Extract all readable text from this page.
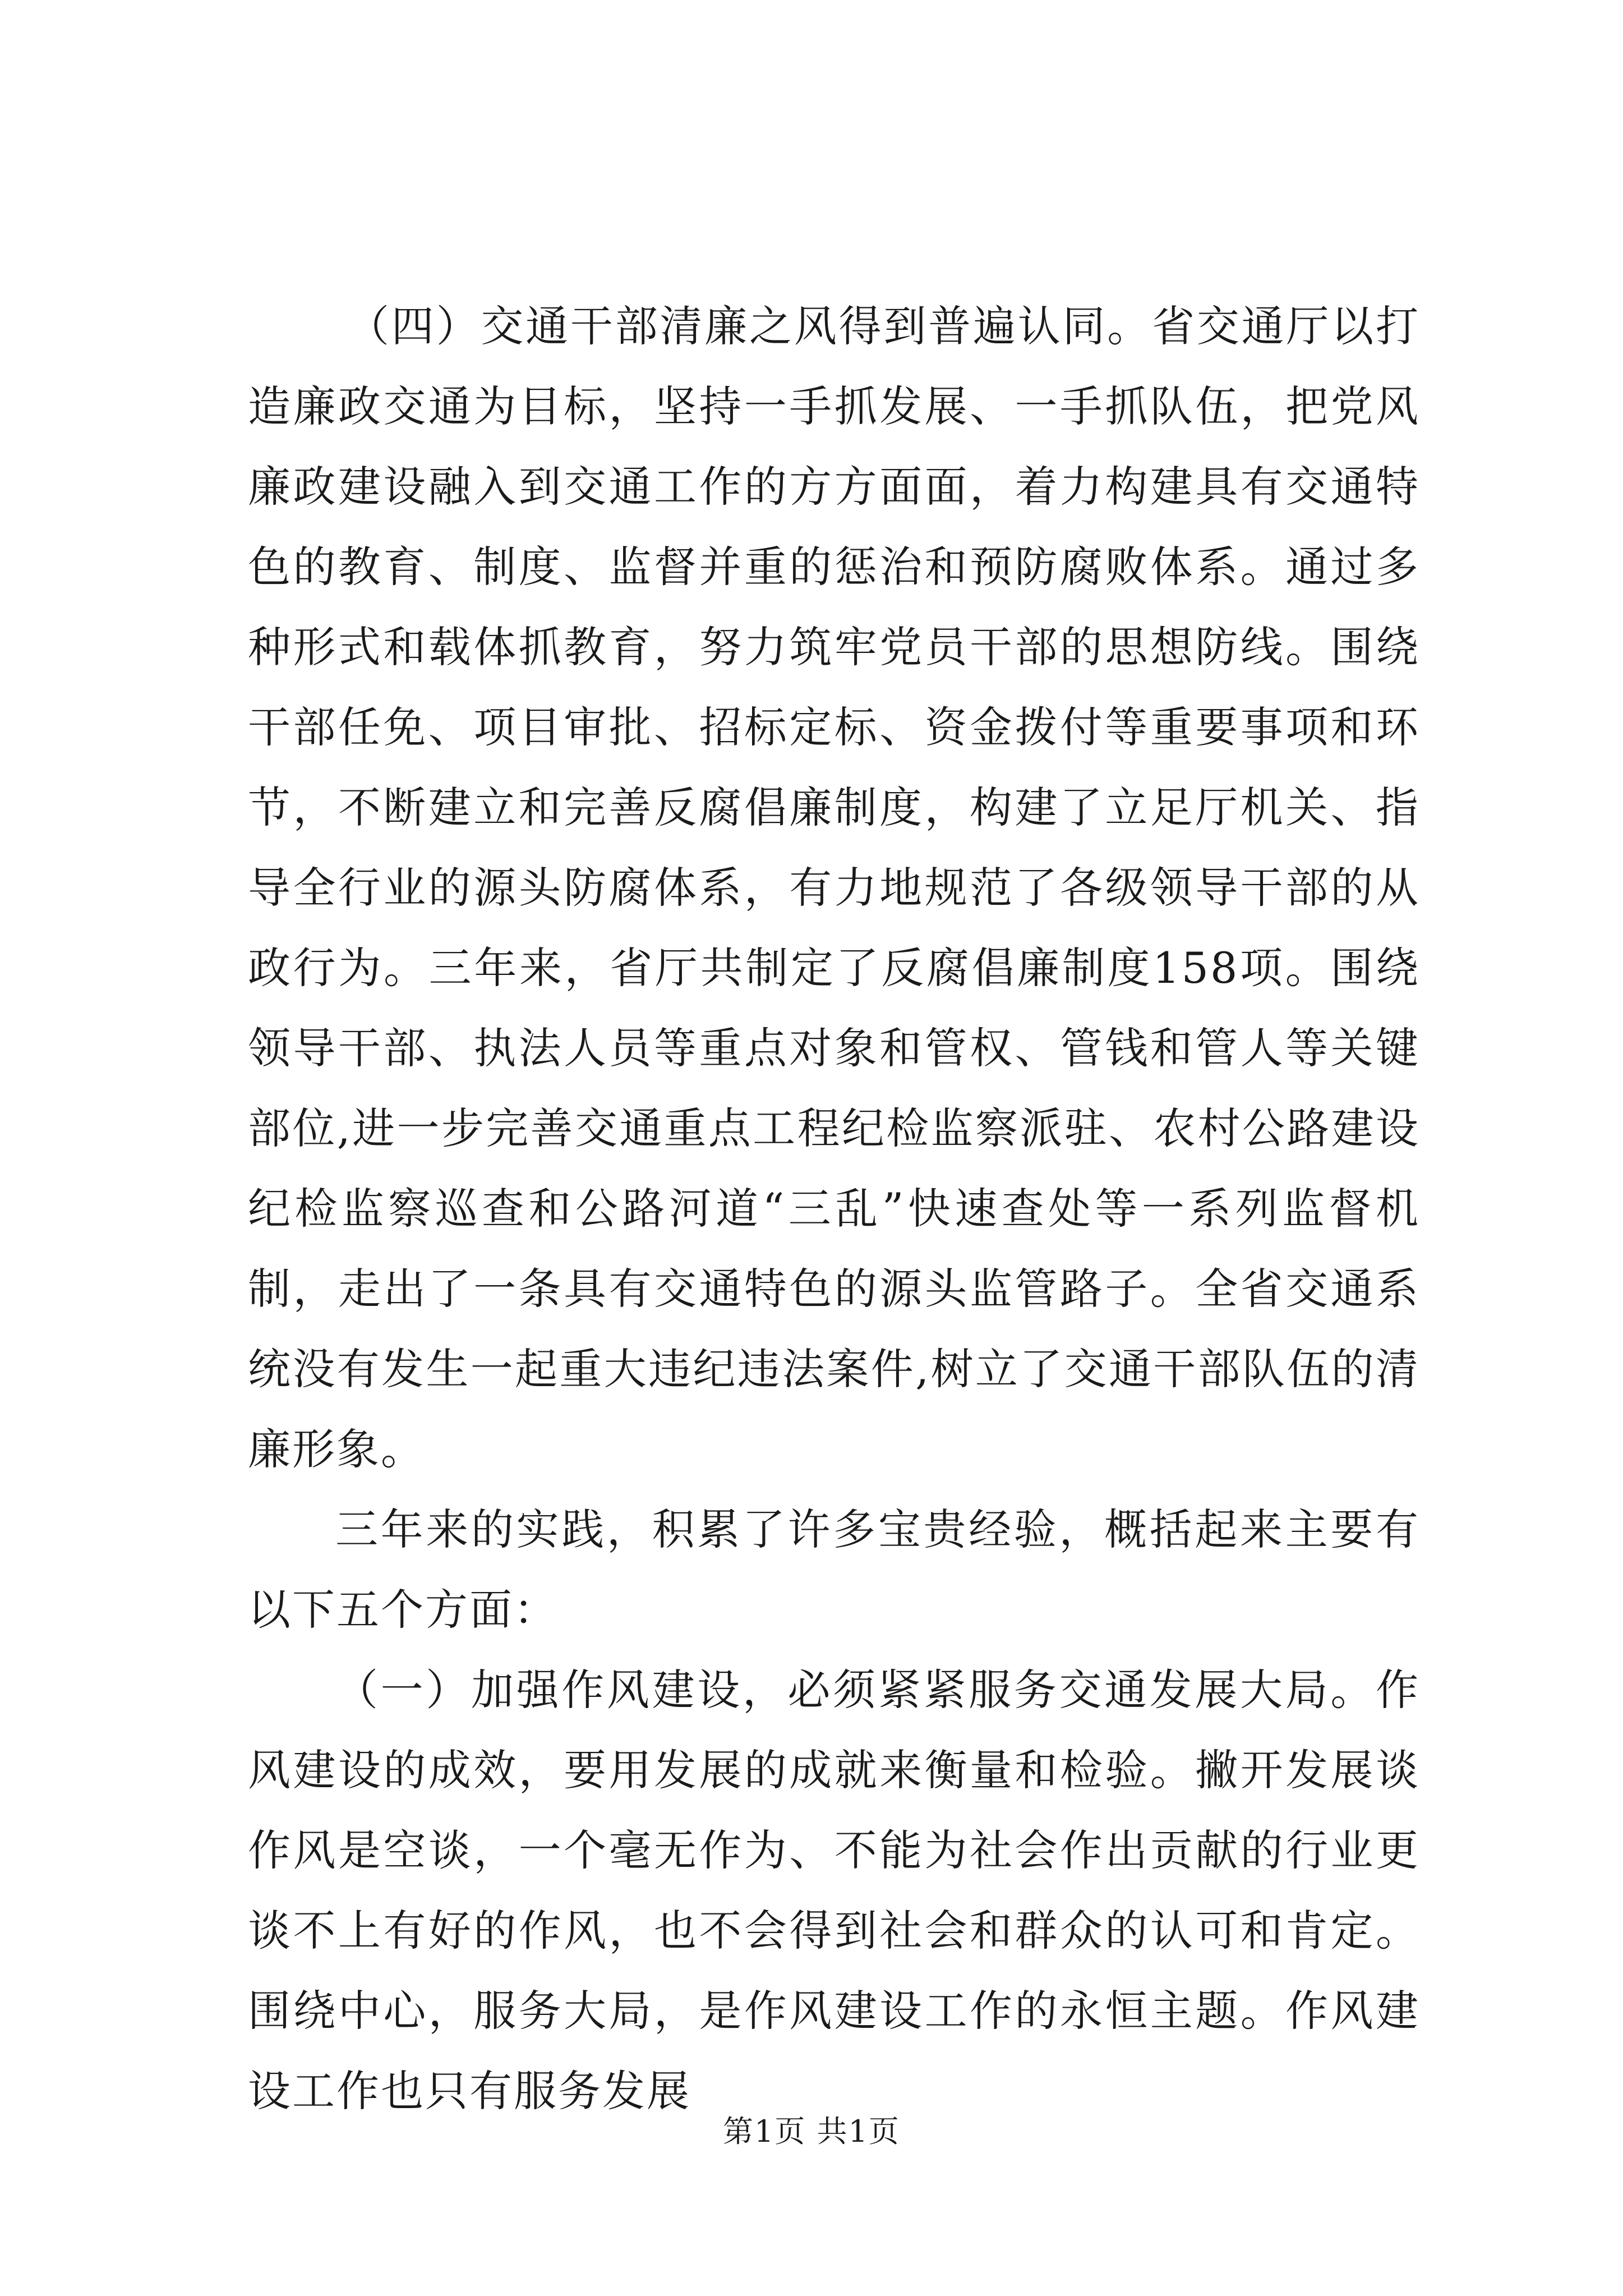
（四）交通干部清廉之风得到普遍认同。省交通厅以打造廉政交通为目标，坚持一手抓发展、一手抓队伍，把党风廉政建设融入到交通工作的方方面面，着力构建具有交通特色的教育、制度、监督并重的惩治和预防腐败体系。通过多种形式和载体抓教育，努力筑牢党员干部的思想防线。围绕干部任免、项目审批、招标定标、资金拨付等重要事项和环节，不断建立和完善反腐倡廉制度，构建了立足厅机关、指导全行业的源头防腐体系，有力地规范了各级领导干部的从政行为。三年来，省厅共制定了反腐倡廉制度158项。围绕领导干部、执法人员等重点对象和管权、管钱和管人等关键部位,进一步完善交通重点工程纪检监察派驻、农村公路建设纪检监察巡查和公路河道“三乱”快速查处等一系列监督机制，走出了一条具有交通特色的源头监管路子。全省交通系统没有发生一起重大违纪违法案件,树立了交通干部队伍的清廉形象。

三年来的实践，积累了许多宝贵经验，概括起来主要有以下五个方面：

（一）加强作风建设，必须紧紧服务交通发展大局。作风建设的成效，要用发展的成就来衡量和检验。撇开发展谈作风是空谈，一个毫无作为、不能为社会作出贡献的行业更谈不上有好的作风，也不会得到社会和群众的认可和肯定。围绕中心，服务大局，是作风建设工作的永恒主题。作风建设工作也只有服务发展

第1页 共1页
